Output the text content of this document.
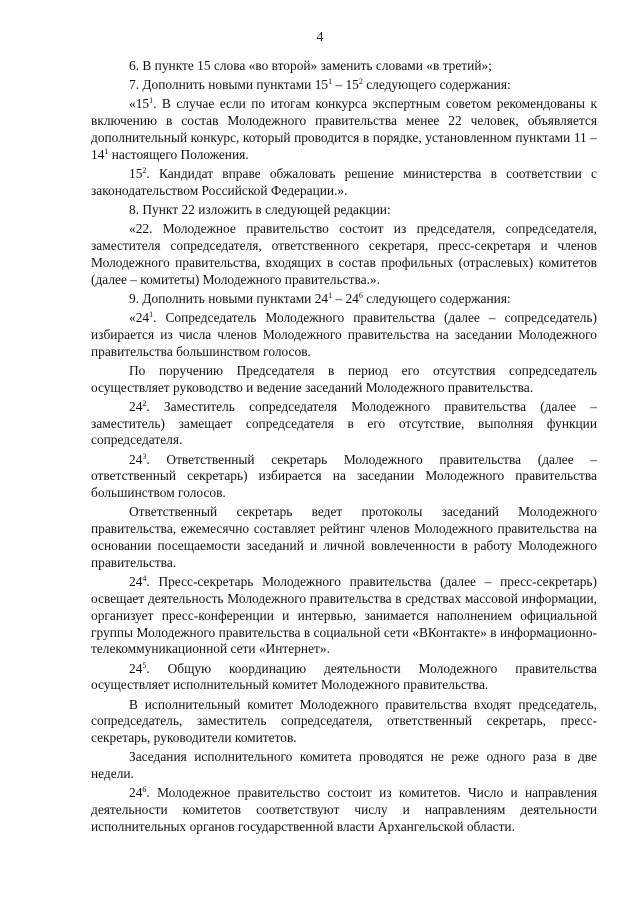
4

6. В пункте 15 слова «во второй» заменить словами «в третий»;

7. Дополнить новыми пунктами $15^1 - 15^2$ следующего содержания:

«$15^1$. В случае если по итогам конкурса экспертным советом рекомендованы к включению в состав Молодежного правительства менее 22 человек, объявляется дополнительный конкурс, который проводится в порядке, установленном пунктами $11 - 14^1$ настоящего Положения.

$15^2$. Кандидат вправе обжаловать решение министерства в соответствии с законодательством Российской Федерации.».

8. Пункт 22 изложить в следующей редакции:

«22. Молодежное правительство состоит из председателя, сопредседателя, заместителя сопредседателя, ответственного секретаря, пресс-секретаря и членов Молодежного правительства, входящих в состав профильных (отраслевых) комитетов (далее – комитеты) Молодежного правительства.».

9. Дополнить новыми пунктами $24^1 - 24^6$ следующего содержания:

«$24^1$. Сопредседатель Молодежного правительства (далее – сопредседатель) избирается из числа членов Молодежного правительства на заседании Молодежного правительства большинством голосов.

По поручению Председателя в период его отсутствия сопредседатель осуществляет руководство и ведение заседаний Молодежного правительства.

$24^2$. Заместитель сопредседателя Молодежного правительства (далее – заместитель) замещает сопредседателя в его отсутствие, выполняя функции сопредседателя.

$24^3$. Ответственный секретарь Молодежного правительства (далее – ответственный секретарь) избирается на заседании Молодежного правительства большинством голосов.

Ответственный секретарь ведет протоколы заседаний Молодежного правительства, ежемесячно составляет рейтинг членов Молодежного правительства на основании посещаемости заседаний и личной вовлеченности в работу Молодежного правительства.

$24^4$. Пресс-секретарь Молодежного правительства (далее – пресс-секретарь) освещает деятельность Молодежного правительства в средствах массовой информации, организует пресс-конференции и интервью, занимается наполнением официальной группы Молодежного правительства в социальной сети «ВКонтакте» в информационно-телекоммуникационной сети «Интернет».

$24^5$. Общую координацию деятельности Молодежного правительства осуществляет исполнительный комитет Молодежного правительства.

В исполнительный комитет Молодежного правительства входят председатель, сопредседатель, заместитель сопредседателя, ответственный секретарь, пресс-секретарь, руководители комитетов.

Заседания исполнительного комитета проводятся не реже одного раза в две недели.

$24^6$. Молодежное правительство состоит из комитетов. Число и направления деятельности комитетов соответствуют числу и направлениям деятельности исполнительных органов государственной власти Архангельской области.
